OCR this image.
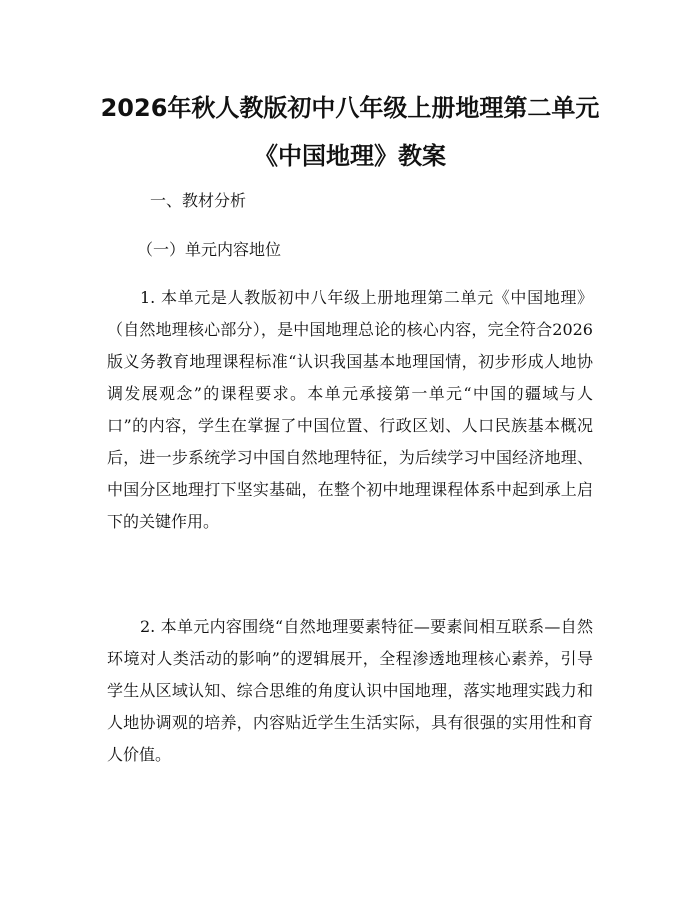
2026年秋人教版初中八年级上册地理第二单元《中国地理》教案
一、教材分析
（一）单元内容地位
1. 本单元是人教版初中八年级上册地理第二单元《中国地理》（自然地理核心部分），是中国地理总论的核心内容，完全符合2026版义务教育地理课程标准“认识我国基本地理国情，初步形成人地协调发展观念”的课程要求。本单元承接第一单元“中国的疆域与人口”的内容，学生在掌握了中国位置、行政区划、人口民族基本概况后，进一步系统学习中国自然地理特征，为后续学习中国经济地理、中国分区地理打下坚实基础，在整个初中地理课程体系中起到承上启下的关键作用。
2. 本单元内容围绕“自然地理要素特征—要素间相互联系—自然环境对人类活动的影响”的逻辑展开，全程渗透地理核心素养，引导学生从区域认知、综合思维的角度认识中国地理，落实地理实践力和人地协调观的培养，内容贴近学生生活实际，具有很强的实用性和育人价值。
